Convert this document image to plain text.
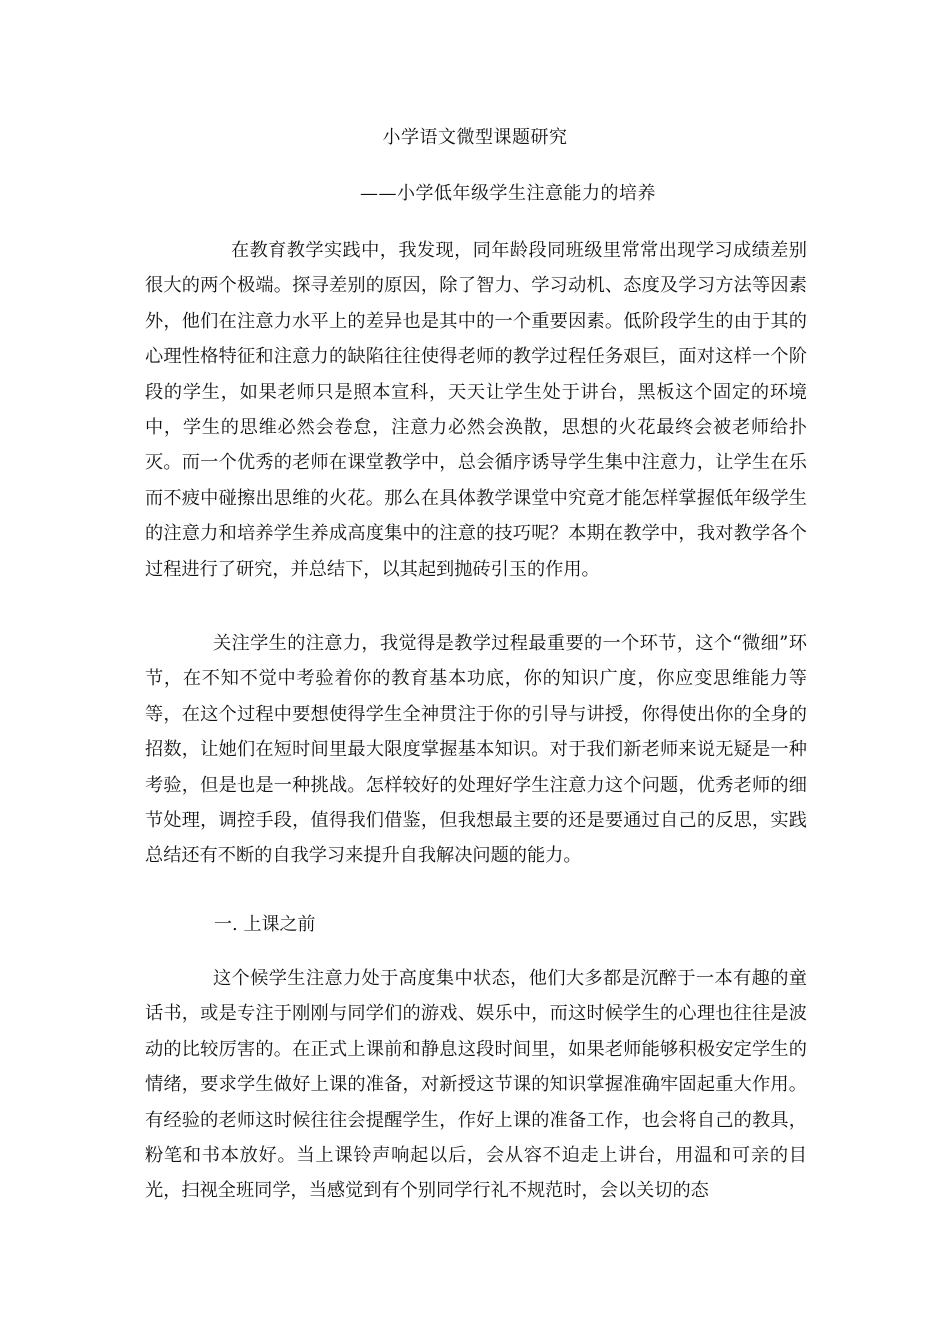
小学语文微型课题研究
——小学低年级学生注意能力的培养

在教育教学实践中，我发现，同年龄段同班级里常常出现学习成绩差别很大的两个极端。探寻差别的原因，除了智力、学习动机、态度及学习方法等因素外，他们在注意力水平上的差异也是其中的一个重要因素。低阶段学生的由于其的心理性格特征和注意力的缺陷往往使得老师的教学过程任务艰巨，面对这样一个阶段的学生，如果老师只是照本宣科，天天让学生处于讲台，黑板这个固定的环境中，学生的思维必然会卷怠，注意力必然会涣散，思想的火花最终会被老师给扑灭。而一个优秀的老师在课堂教学中，总会循序诱导学生集中注意力，让学生在乐而不疲中碰擦出思维的火花。那么在具体教学课堂中究竟才能怎样掌握低年级学生的注意力和培养学生养成高度集中的注意的技巧呢？本期在教学中，我对教学各个过程进行了研究，并总结下，以其起到抛砖引玉的作用。

关注学生的注意力，我觉得是教学过程最重要的一个环节，这个“微细”环节，在不知不觉中考验着你的教育基本功底，你的知识广度，你应变思维能力等等，在这个过程中要想使得学生全神贯注于你的引导与讲授，你得使出你的全身的招数，让她们在短时间里最大限度掌握基本知识。对于我们新老师来说无疑是一种考验，但是也是一种挑战。怎样较好的处理好学生注意力这个问题，优秀老师的细节处理，调控手段，值得我们借鉴，但我想最主要的还是要通过自己的反思，实践总结还有不断的自我学习来提升自我解决问题的能力。

一. 上课之前

这个候学生注意力处于高度集中状态，他们大多都是沉醉于一本有趣的童话书，或是专注于刚刚与同学们的游戏、娱乐中，而这时候学生的心理也往往是波动的比较厉害的。在正式上课前和静息这段时间里，如果老师能够积极安定学生的情绪，要求学生做好上课的准备，对新授这节课的知识掌握准确牢固起重大作用。有经验的老师这时候往往会提醒学生，作好上课的准备工作，也会将自己的教具，粉笔和书本放好。当上课铃声响起以后，会从容不迫走上讲台，用温和可亲的目光，扫视全班同学，当感觉到有个别同学行礼不规范时，会以关切的态
